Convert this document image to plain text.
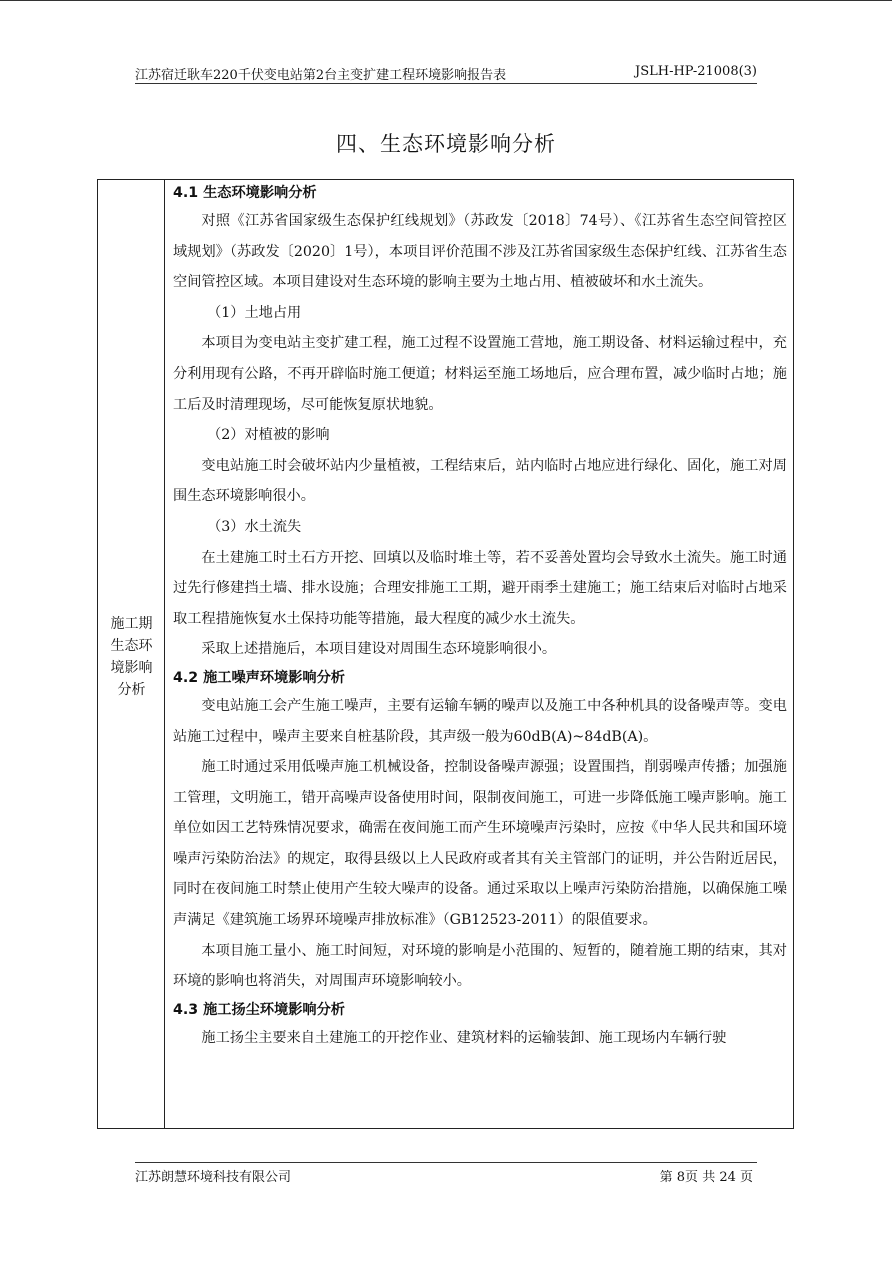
江苏宿迁耿车220千伏变电站第2台主变扩建工程环境影响报告表	JSLH-HP-21008(3)
四、生态环境影响分析
施工期
生态环
境影响
分析
4.1 生态环境影响分析

对照《江苏省国家级生态保护红线规划》（苏政发〔2018〕74号）、《江苏省生态空间管控区域规划》（苏政发〔2020〕1号），本项目评价范围不涉及江苏省国家级生态保护红线、江苏省生态空间管控区域。本项目建设对生态环境的影响主要为土地占用、植被破坏和水土流失。

（1）土地占用

本项目为变电站主变扩建工程，施工过程不设置施工营地，施工期设备、材料运输过程中，充分利用现有公路，不再开辟临时施工便道；材料运至施工场地后，应合理布置，减少临时占地；施工后及时清理现场，尽可能恢复原状地貌。

（2）对植被的影响

变电站施工时会破坏站内少量植被，工程结束后，站内临时占地应进行绿化、固化，施工对周围生态环境影响很小。

（3）水土流失

在土建施工时土石方开挖、回填以及临时堆土等，若不妥善处置均会导致水土流失。施工时通过先行修建挡土墙、排水设施；合理安排施工工期，避开雨季土建施工；施工结束后对临时占地采取工程措施恢复水土保持功能等措施，最大程度的减少水土流失。

采取上述措施后，本项目建设对周围生态环境影响很小。

4.2 施工噪声环境影响分析

变电站施工会产生施工噪声，主要有运输车辆的噪声以及施工中各种机具的设备噪声等。变电站施工过程中，噪声主要来自桩基阶段，其声级一般为60dB(A)~84dB(A)。

施工时通过采用低噪声施工机械设备，控制设备噪声源强；设置围挡，削弱噪声传播；加强施工管理，文明施工，错开高噪声设备使用时间，限制夜间施工，可进一步降低施工噪声影响。施工单位如因工艺特殊情况要求，确需在夜间施工而产生环境噪声污染时，应按《中华人民共和国环境噪声污染防治法》的规定，取得县级以上人民政府或者其有关主管部门的证明，并公告附近居民，同时在夜间施工时禁止使用产生较大噪声的设备。通过采取以上噪声污染防治措施，以确保施工噪声满足《建筑施工场界环境噪声排放标准》（GB12523-2011）的限值要求。

本项目施工量小、施工时间短，对环境的影响是小范围的、短暂的，随着施工期的结束，其对环境的影响也将消失，对周围声环境影响较小。

4.3 施工扬尘环境影响分析

施工扬尘主要来自土建施工的开挖作业、建筑材料的运输装卸、施工现场内车辆行驶

江苏朗慧环境科技有限公司	第 8页 共 24 页
